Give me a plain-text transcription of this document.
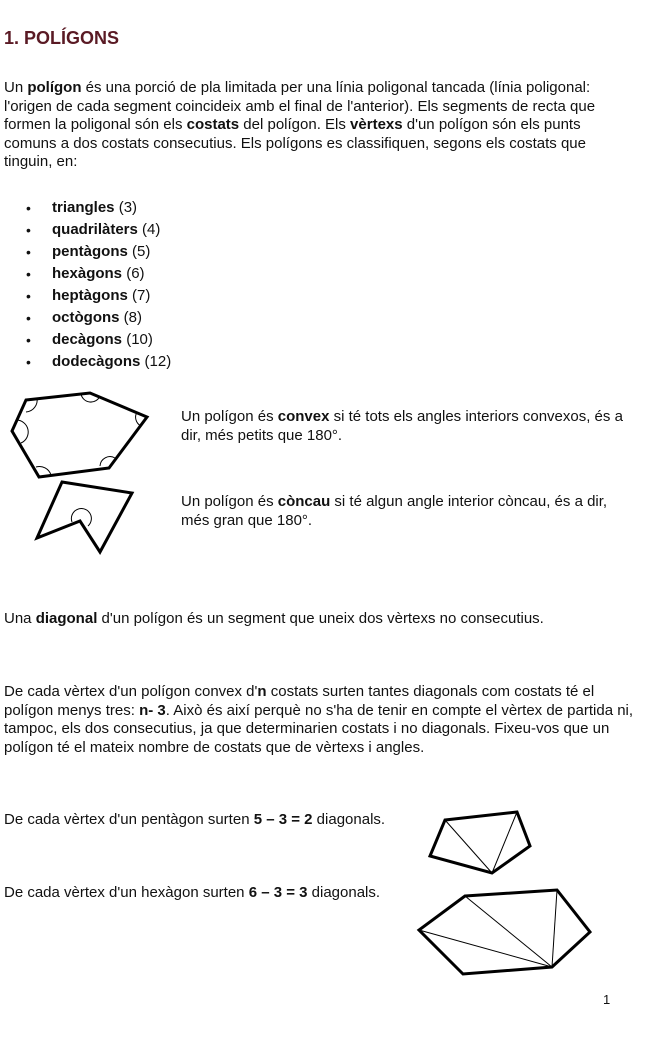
1. POLÍGONS
Un polígon és una porció de pla limitada per una línia poligonal tancada (línia poligonal: l'origen de cada segment coincideix amb el final de l'anterior). Els segments de recta que formen la poligonal són els costats del polígon. Els vèrtexs d'un polígon són els punts comuns a dos costats consecutius. Els polígons es classifiquen, segons els costats que tinguin, en:
• triangles (3)
• quadrilàters (4)
• pentàgons (5)
• hexàgons (6)
• heptàgons (7)
• octògons (8)
• decàgons (10)
• dodecàgons (12)
Un polígon és convex si té tots els angles interiors convexos, és a dir, més petits que 180°.
Un polígon és còncau si té algun angle interior còncau, és a dir, més gran que 180°.
Una diagonal d'un polígon és un segment que uneix dos vèrtexs no consecutius.
De cada vèrtex d'un polígon convex d'n costats surten tantes diagonals com costats té el polígon menys tres: n- 3. Això és així perquè no s'ha de tenir en compte el vèrtex de partida ni, tampoc, els dos consecutius, ja que determinarien costats i no diagonals. Fixeu-vos que un polígon té el mateix nombre de costats que de vèrtexs i angles.
De cada vèrtex d'un pentàgon surten 5 – 3 = 2 diagonals.
De cada vèrtex d'un hexàgon surten 6 – 3 = 3 diagonals.
1
